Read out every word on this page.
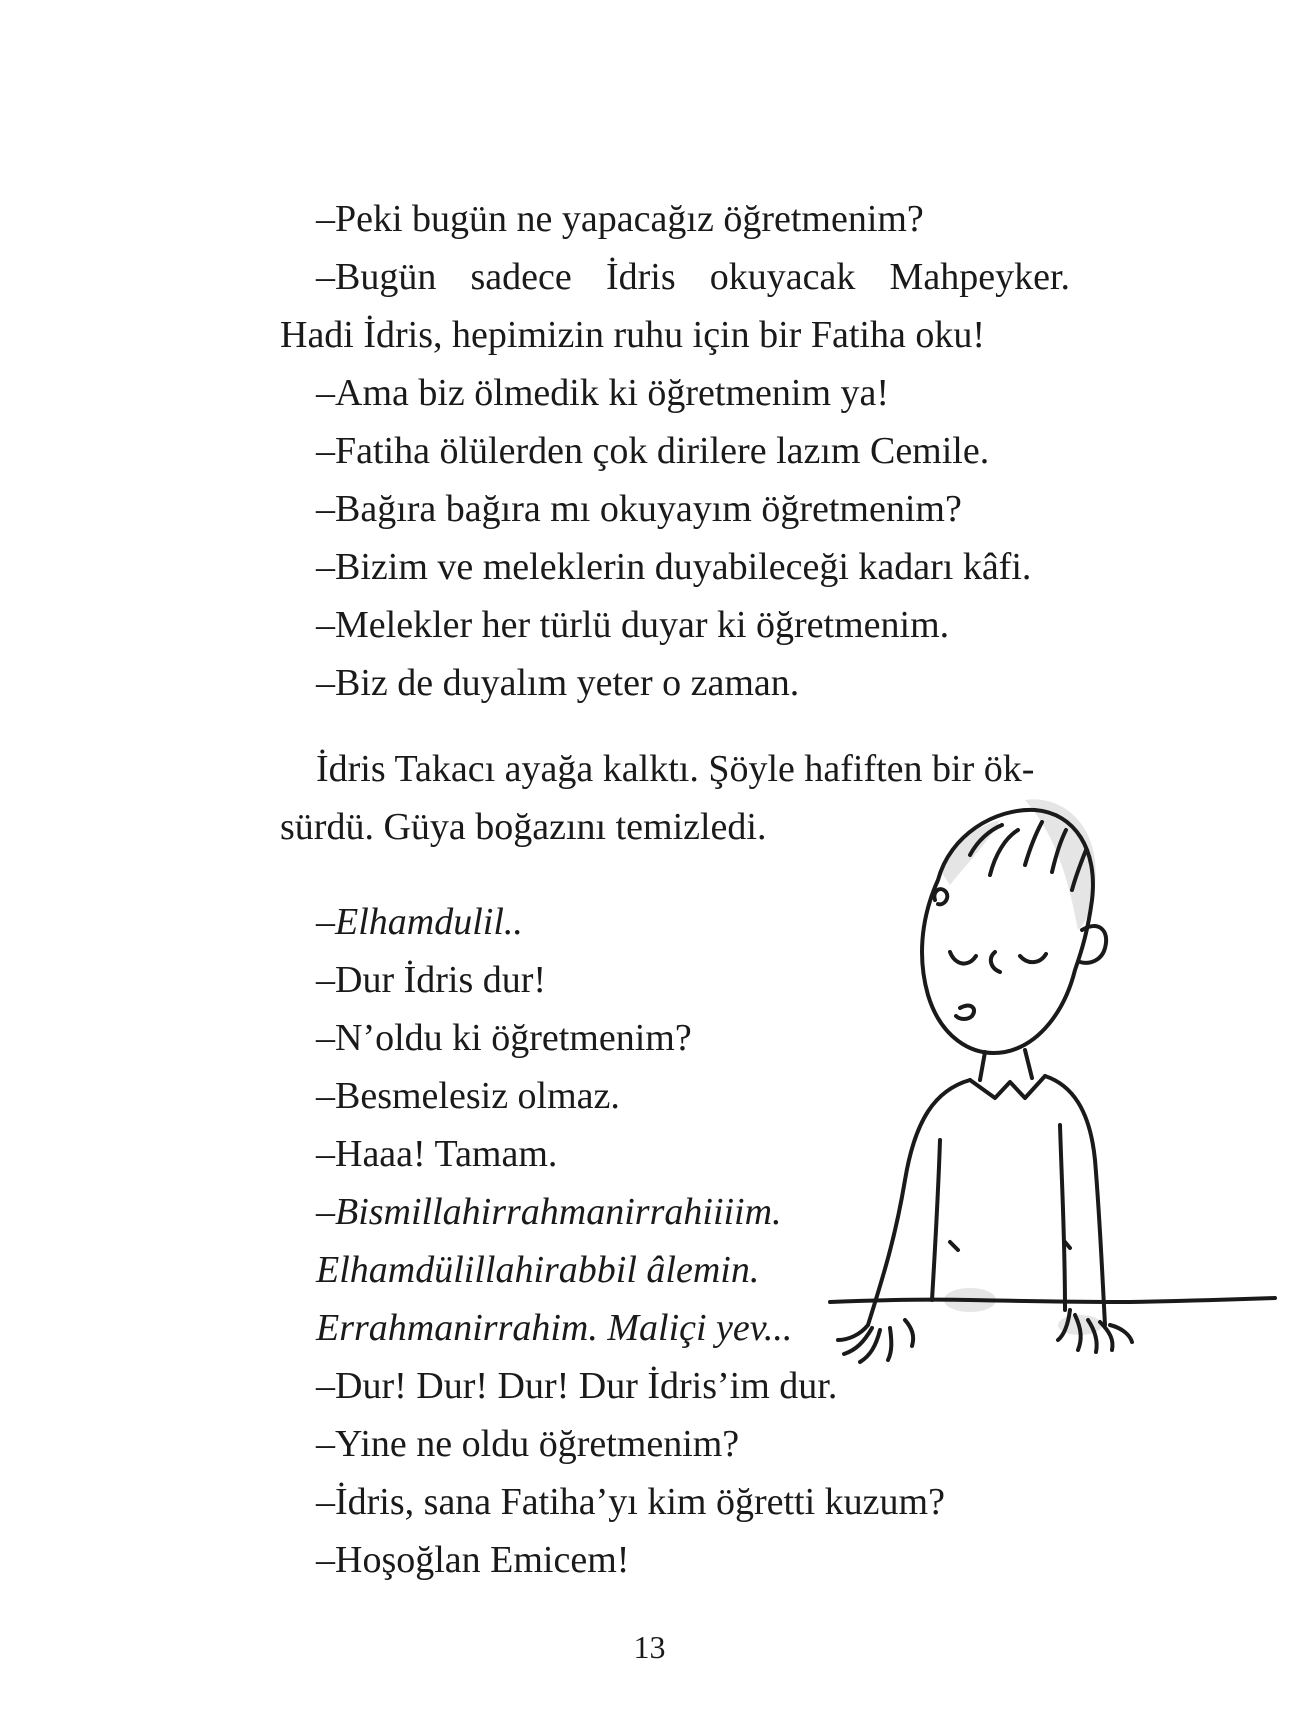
–Peki bugün ne yapacağız öğretmenim?
–Bugün sadece İdris okuyacak Mahpeyker.
Hadi İdris, hepimizin ruhu için bir Fatiha oku!
–Ama biz ölmedik ki öğretmenim ya!
–Fatiha ölülerden çok dirilere lazım Cemile.
–Bağıra bağıra mı okuyayım öğretmenim?
–Bizim ve meleklerin duyabileceği kadarı kâfi.
–Melekler her türlü duyar ki öğretmenim.
–Biz de duyalım yeter o zaman.
İdris Takacı ayağa kalktı. Şöyle hafiften bir ök-
sürdü. Güya boğazını temizledi.
–Elhamdulil..
–Dur İdris dur!
–N’oldu ki öğretmenim?
–Besmelesiz olmaz.
–Haaa! Tamam.
–Bismillahirrahmanirrahiiiim.
Elhamdülillahirabbil âlemin.
Errahmanirrahim. Maliçi yev...
–Dur! Dur! Dur! Dur İdris’im dur.
–Yine ne oldu öğretmenim?
–İdris, sana Fatiha’yı kim öğretti kuzum?
–Hoşoğlan Emicem!
13
